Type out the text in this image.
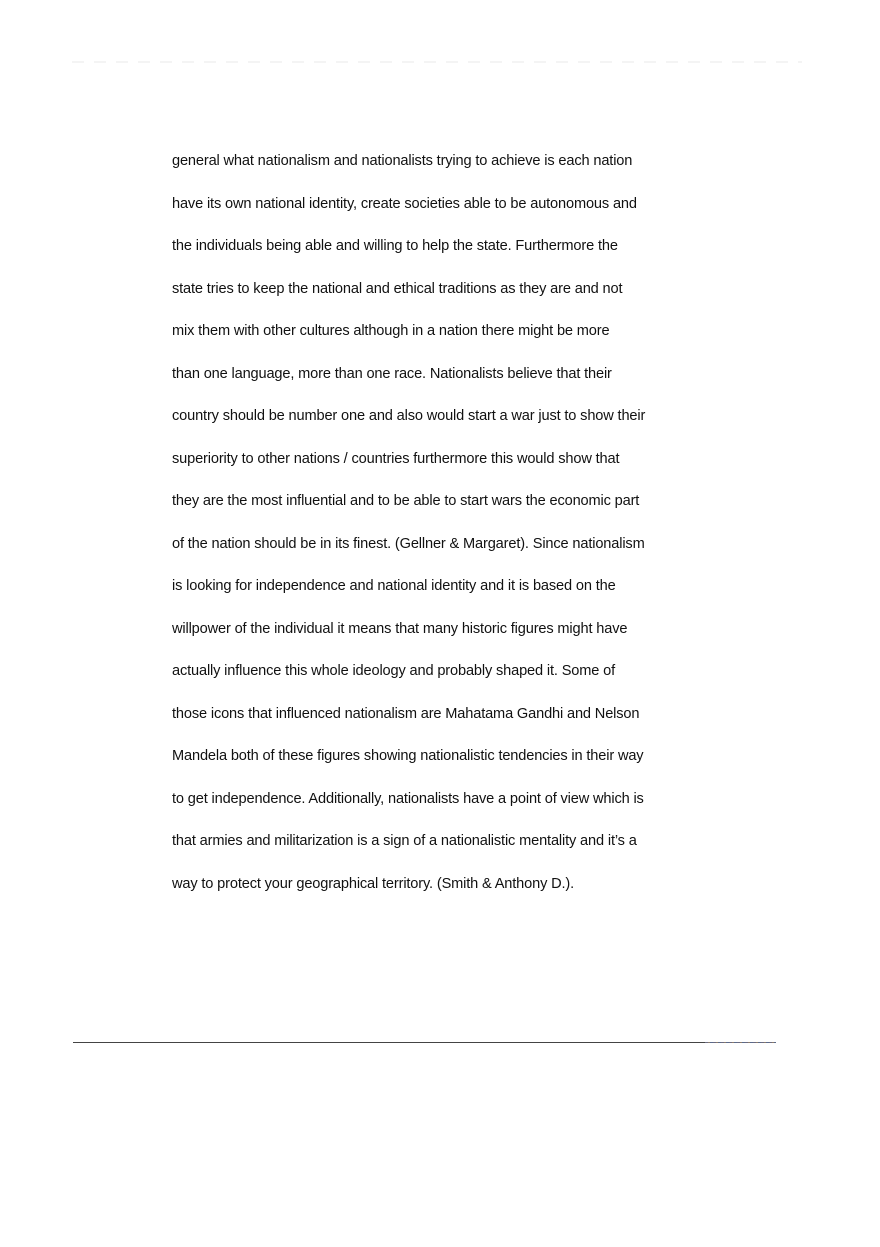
general what nationalism and nationalists trying to achieve is each nation
have its own national identity, create societies able to be autonomous and
the individuals being able and willing to help the state. Furthermore the
state tries to keep the national and ethical traditions as they are and not
mix them with other cultures although in a nation there might be more
than one language, more than one race. Nationalists believe that their
country should be number one and also would start a war just to show their
superiority to other nations / countries furthermore this would show that
they are the most influential and to be able to start wars the economic part
of the nation should be in its finest. (Gellner & Margaret). Since nationalism
is looking for independence and national identity and it is based on the
willpower of the individual it means that many historic figures might have
actually influence this whole ideology and probably shaped it. Some of
those icons that influenced nationalism are Mahatama Gandhi and Nelson
Mandela both of these figures showing nationalistic tendencies in their way
to get independence. Additionally, nationalists have a point of view which is
that armies and militarization is a sign of a nationalistic mentality and it’s a
way to protect your geographical territory. (Smith & Anthony D.).
